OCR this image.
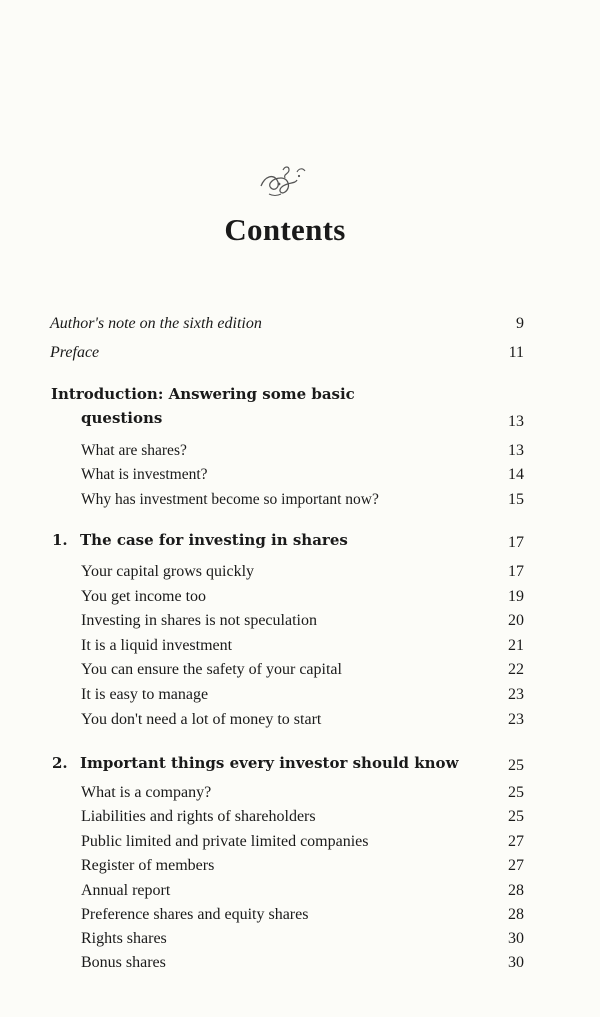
Contents
Author's note on the sixth edition	9
Preface	11
Introduction: Answering some basic
questions	13
What are shares?	13
What is investment?	14
Why has investment become so important now?	15
1. The case for investing in shares	17
Your capital grows quickly	17
You get income too	19
Investing in shares is not speculation	20
It is a liquid investment	21
You can ensure the safety of your capital	22
It is easy to manage	23
You don't need a lot of money to start	23
2. Important things every investor should know	25
What is a company?	25
Liabilities and rights of shareholders	25
Public limited and private limited companies	27
Register of members	27
Annual report	28
Preference shares and equity shares	28
Rights shares	30
Bonus shares	30
